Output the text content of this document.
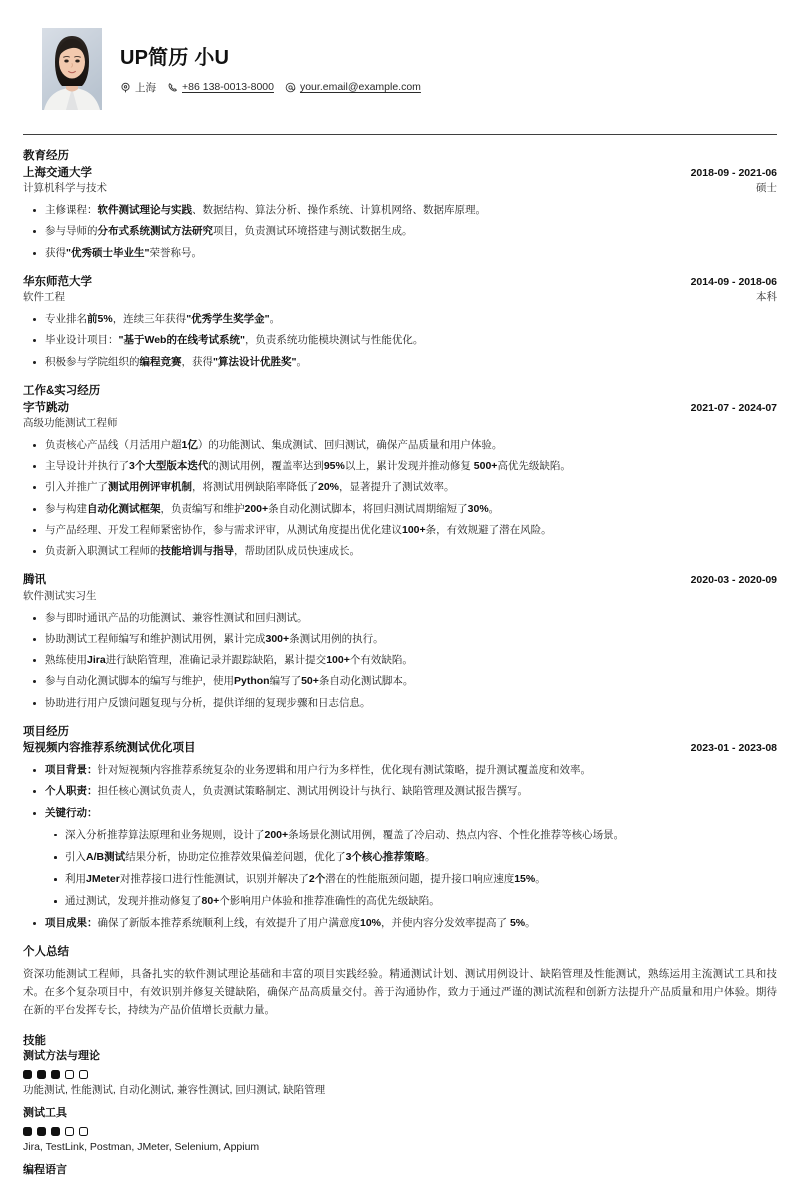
UP简历 小U
上海 +86 138-0013-8000 your.email@example.com
教育经历
上海交通大学	2018-09 - 2021-06
计算机科学与技术	硕士
主修课程：软件测试理论与实践、数据结构、算法分析、操作系统、计算机网络、数据库原理。
参与导师的分布式系统测试方法研究项目，负责测试环境搭建与测试数据生成。
获得"优秀硕士毕业生"荣誉称号。
华东师范大学	2014-09 - 2018-06
软件工程	本科
专业排名前5%，连续三年获得"优秀学生奖学金"。
毕业设计项目："基于Web的在线考试系统"，负责系统功能模块测试与性能优化。
积极参与学院组织的编程竞赛，获得"算法设计优胜奖"。
工作&实习经历
字节跳动	2021-07 - 2024-07
高级功能测试工程师
负责核心产品线（月活用户超1亿）的功能测试、集成测试、回归测试，确保产品质量和用户体验。
主导设计并执行了3个大型版本迭代的测试用例，覆盖率达到95%以上，累计发现并推动修复 500+高优先级缺陷。
引入并推广了测试用例评审机制，将测试用例缺陷率降低了20%，显著提升了测试效率。
参与构建自动化测试框架，负责编写和维护200+条自动化测试脚本，将回归测试周期缩短了30%。
与产品经理、开发工程师紧密协作，参与需求评审，从测试角度提出优化建议100+条，有效规避了潜在风险。
负责新入职测试工程师的技能培训与指导，帮助团队成员快速成长。
腾讯	2020-03 - 2020-09
软件测试实习生
参与即时通讯产品的功能测试、兼容性测试和回归测试。
协助测试工程师编写和维护测试用例，累计完成300+条测试用例的执行。
熟练使用Jira进行缺陷管理，准确记录并跟踪缺陷，累计提交100+个有效缺陷。
参与自动化测试脚本的编写与维护，使用Python编写了50+条自动化测试脚本。
协助进行用户反馈问题复现与分析，提供详细的复现步骤和日志信息。
项目经历
短视频内容推荐系统测试优化项目	2023-01 - 2023-08
项目背景：针对短视频内容推荐系统复杂的业务逻辑和用户行为多样性，优化现有测试策略，提升测试覆盖度和效率。
个人职责：担任核心测试负责人，负责测试策略制定、测试用例设计与执行、缺陷管理及测试报告撰写。
关键行动：
深入分析推荐算法原理和业务规则，设计了200+条场景化测试用例，覆盖了冷启动、热点内容、个性化推荐等核心场景。
引入A/B测试结果分析，协助定位推荐效果偏差问题，优化了3个核心推荐策略。
利用JMeter对推荐接口进行性能测试，识别并解决了2个潜在的性能瓶颈问题，提升接口响应速度15%。
通过测试，发现并推动修复了80+个影响用户体验和推荐准确性的高优先级缺陷。
项目成果：确保了新版本推荐系统顺利上线，有效提升了用户满意度10%，并使内容分发效率提高了 5%。
个人总结
资深功能测试工程师，具备扎实的软件测试理论基础和丰富的项目实践经验。精通测试计划、测试用例设计、缺陷管理及性能测试，熟练运用主流测试工具和技术。在多个复杂项目中，有效识别并修复关键缺陷，确保产品高质量交付。善于沟通协作，致力于通过严谨的测试流程和创新方法提升产品质量和用户体验。期待在新的平台发挥专长，持续为产品价值增长贡献力量。
技能
测试方法与理论
功能测试, 性能测试, 自动化测试, 兼容性测试, 回归测试, 缺陷管理
测试工具
Jira, TestLink, Postman, JMeter, Selenium, Appium
编程语言
